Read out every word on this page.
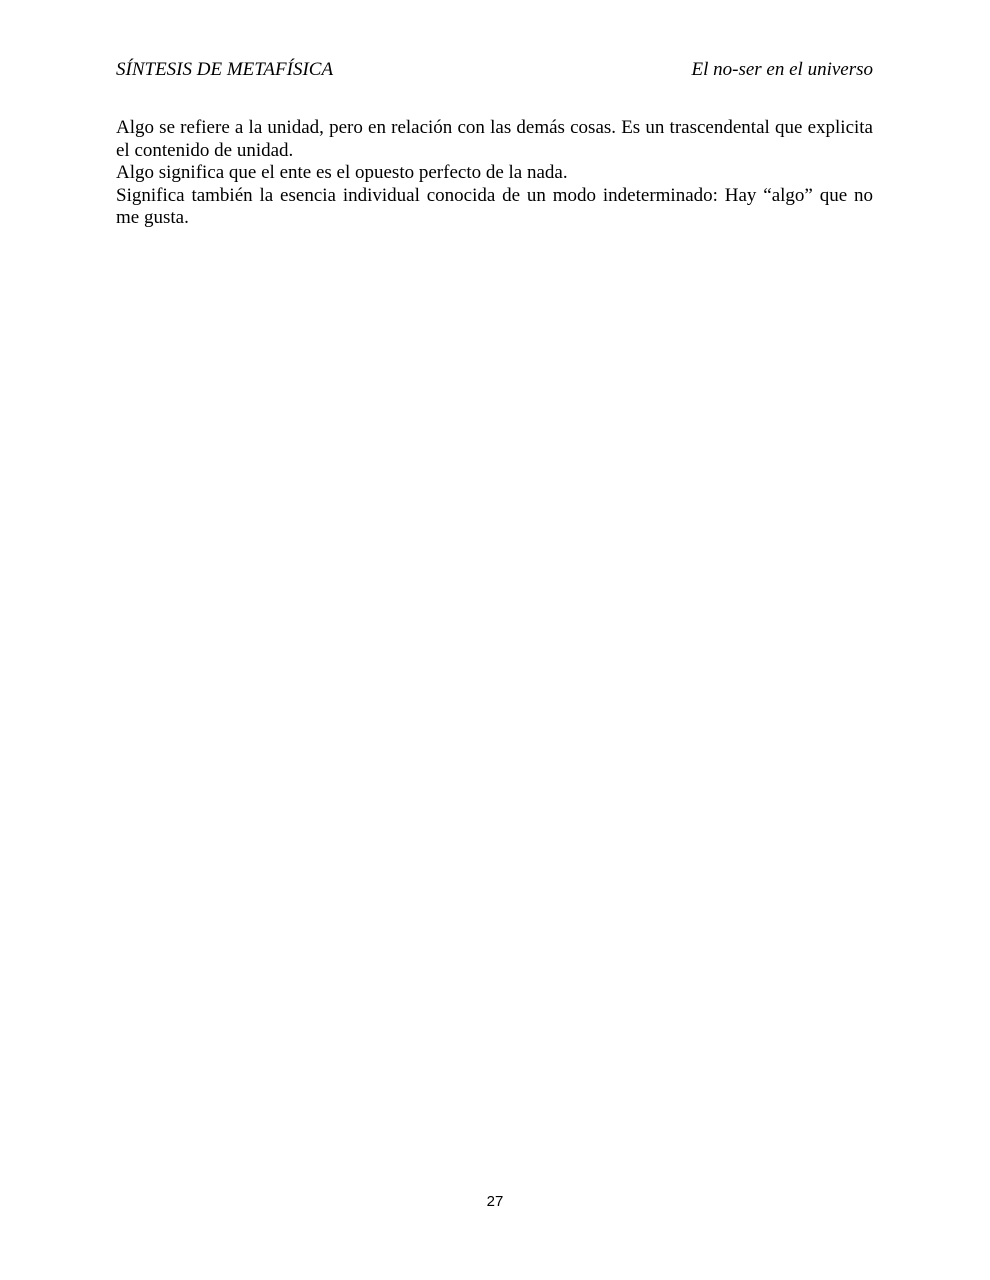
SÍNTESIS DE METAFÍSICA	El no-ser en el universo

Algo se refiere a la unidad, pero en relación con las demás cosas. Es un trascendental que explicita el contenido de unidad.

Algo significa que el ente es el opuesto perfecto de la nada.

Significa también la esencia individual conocida de un modo indeterminado: Hay “algo” que no me gusta.

27
